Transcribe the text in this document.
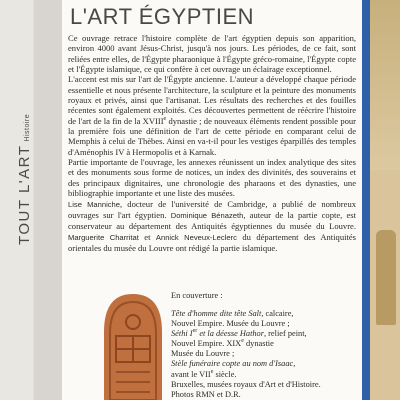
TOUT L'ARTHistoire
L'ART ÉGYPTIEN

Ce ouvrage retrace l'histoire complète de l'art égyptien depuis son apparition, environ 4000 avant Jésus-Christ, jusqu'à nos jours. Les périodes, de ce fait, sont reliées entre elles, de l'Égypte pharaonique à l'Égypte gréco-romaine, l'Égypte copte et l'Égypte islamique, ce qui confère à cet ouvrage un éclairage exceptionnel.

L'accent est mis sur l'art de l'Égypte ancienne. L'auteur a développé chaque période essentielle et nous présente l'architecture, la sculpture et la peinture des monuments royaux et privés, ainsi que l'artisanat. Les résultats des recherches et des fouilles récentes sont également exploités. Ces découvertes permettent de réécrire l'histoire de l'art de la fin de la XVIIIe dynastie ; de nouveaux éléments rendent possible pour la première fois une définition de l'art de cette période en comparant celui de Memphis à celui de Thèbes. Ainsi en va-t-il pour les vestiges éparpillés des temples d'Aménophis IV à Hermopolis et à Karnak.

Partie importante de l'ouvrage, les annexes réunissent un index analytique des sites et des monuments sous forme de notices, un index des divinités, des souverains et des principaux dignitaires, une chronologie des pharaons et des dynasties, une bibliographie importante et une liste des musées.

Lise Manniche, docteur de l'université de Cambridge, a publié de nombreux ouvrages sur l'art égyptien. Dominique Bénazeth, auteur de la partie copte, est conservateur au département des Antiquités égyptiennes du musée du Louvre. Marguerite Charritat et Annick Neveux-Leclerc du département des Antiquités orientales du musée du Louvre ont rédigé la partie islamique.

En couverture :
Tête d'homme dite tête Salt, calcaire,
Nouvel Empire. Musée du Louvre ;
Séthi Ier et la déesse Hathor, relief peint,
Nouvel Empire. XIXe dynastie
Musée du Louvre ;
Stèle funéraire copte au nom d'Isaac,
avant le VIIe siècle.
Bruxelles, musées royaux d'Art et d'Histoire.
Photos RMN et D.R.
